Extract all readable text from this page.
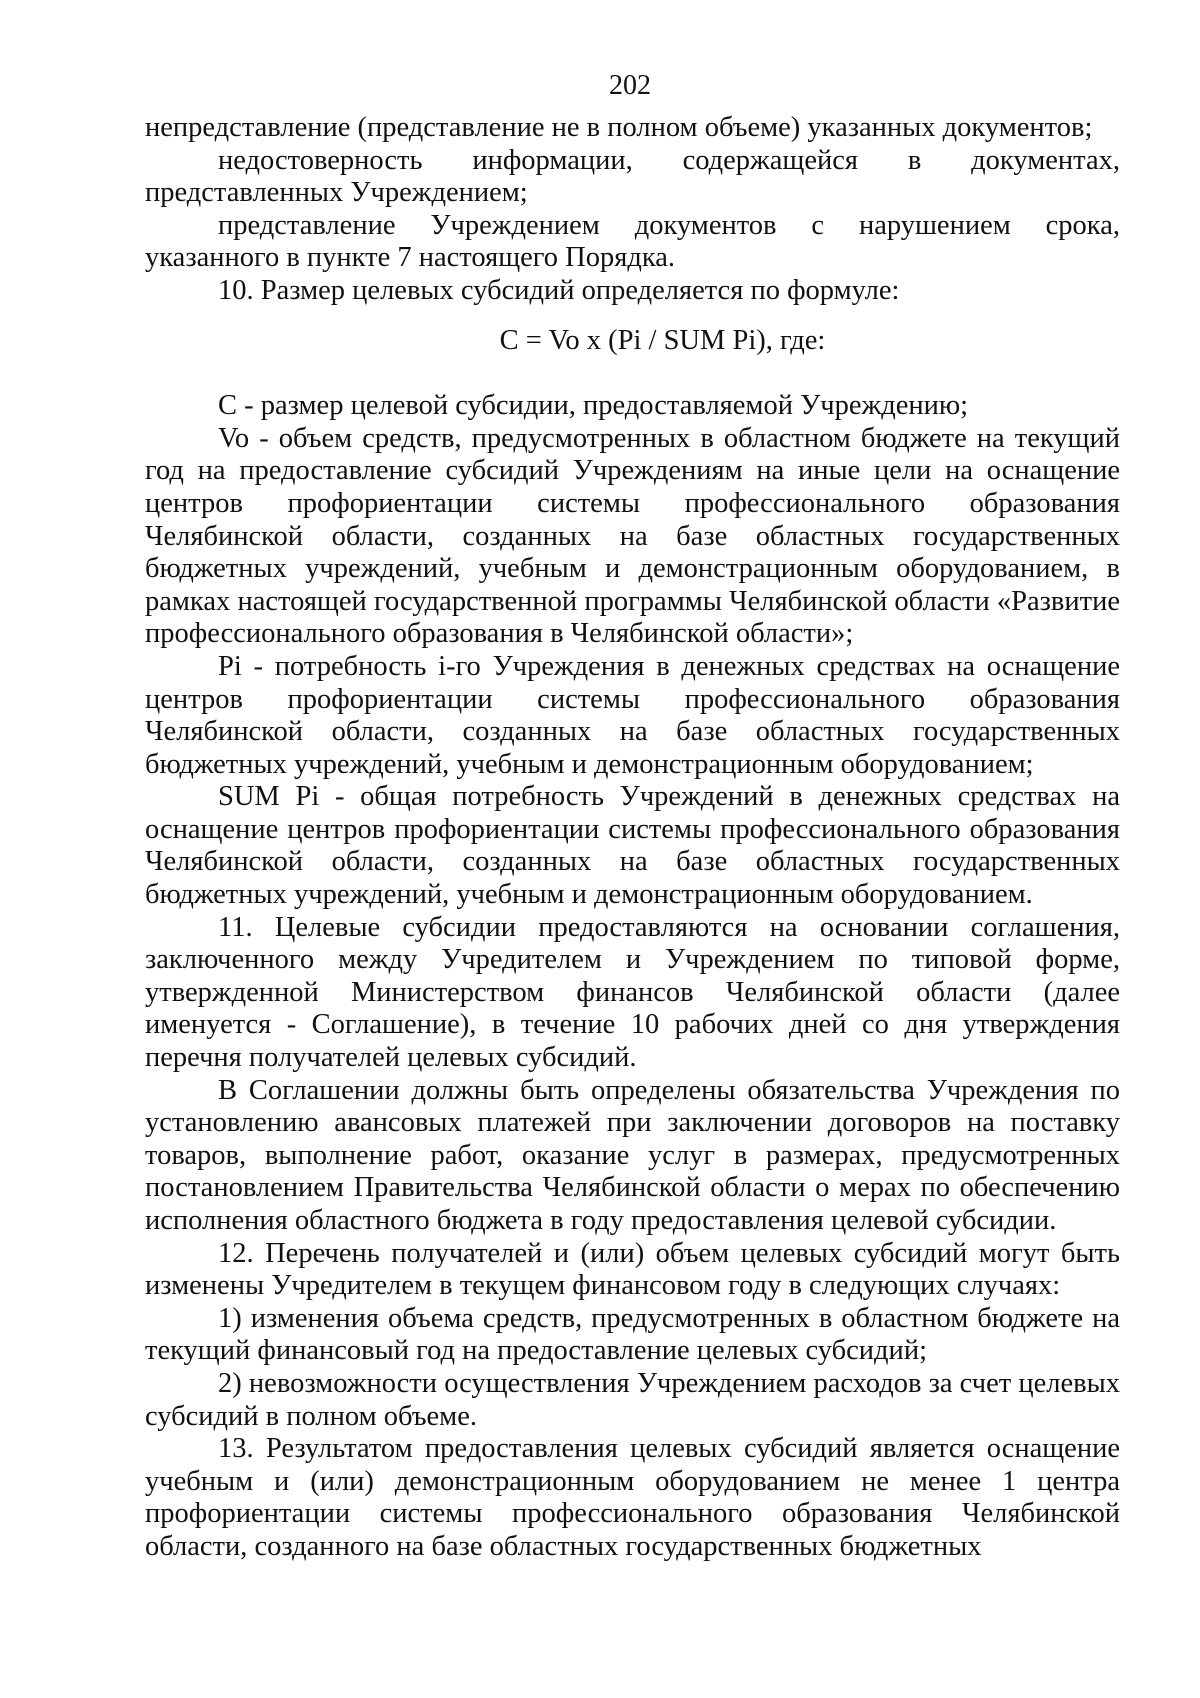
202

непредставление (представление не в полном объеме) указанных документов;

недостоверность информации, содержащейся в документах, представленных Учреждением;

представление Учреждением документов с нарушением срока, указанного в пункте 7 настоящего Порядка.

10. Размер целевых субсидий определяется по формуле:

C = Vo x (Pi / SUM Pi), где:

C - размер целевой субсидии, предоставляемой Учреждению;

Vo - объем средств, предусмотренных в областном бюджете на текущий год на предоставление субсидий Учреждениям на иные цели на оснащение центров профориентации системы профессионального образования Челябинской области, созданных на базе областных государственных бюджетных учреждений, учебным и демонстрационным оборудованием, в рамках настоящей государственной программы Челябинской области «Развитие профессионального образования в Челябинской области»;

Pi - потребность i-го Учреждения в денежных средствах на оснащение центров профориентации системы профессионального образования Челябинской области, созданных на базе областных государственных бюджетных учреждений, учебным и демонстрационным оборудованием;

SUM Pi - общая потребность Учреждений в денежных средствах на оснащение центров профориентации системы профессионального образования Челябинской области, созданных на базе областных государственных бюджетных учреждений, учебным и демонстрационным оборудованием.

11. Целевые субсидии предоставляются на основании соглашения, заключенного между Учредителем и Учреждением по типовой форме, утвержденной Министерством финансов Челябинской области (далее именуется - Соглашение), в течение 10 рабочих дней со дня утверждения перечня получателей целевых субсидий.

В Соглашении должны быть определены обязательства Учреждения по установлению авансовых платежей при заключении договоров на поставку товаров, выполнение работ, оказание услуг в размерах, предусмотренных постановлением Правительства Челябинской области о мерах по обеспечению исполнения областного бюджета в году предоставления целевой субсидии.

12. Перечень получателей и (или) объем целевых субсидий могут быть изменены Учредителем в текущем финансовом году в следующих случаях:

1) изменения объема средств, предусмотренных в областном бюджете на текущий финансовый год на предоставление целевых субсидий;

2) невозможности осуществления Учреждением расходов за счет целевых субсидий в полном объеме.

13. Результатом предоставления целевых субсидий является оснащение учебным и (или) демонстрационным оборудованием не менее 1 центра профориентации системы профессионального образования Челябинской области, созданного на базе областных государственных бюджетных
